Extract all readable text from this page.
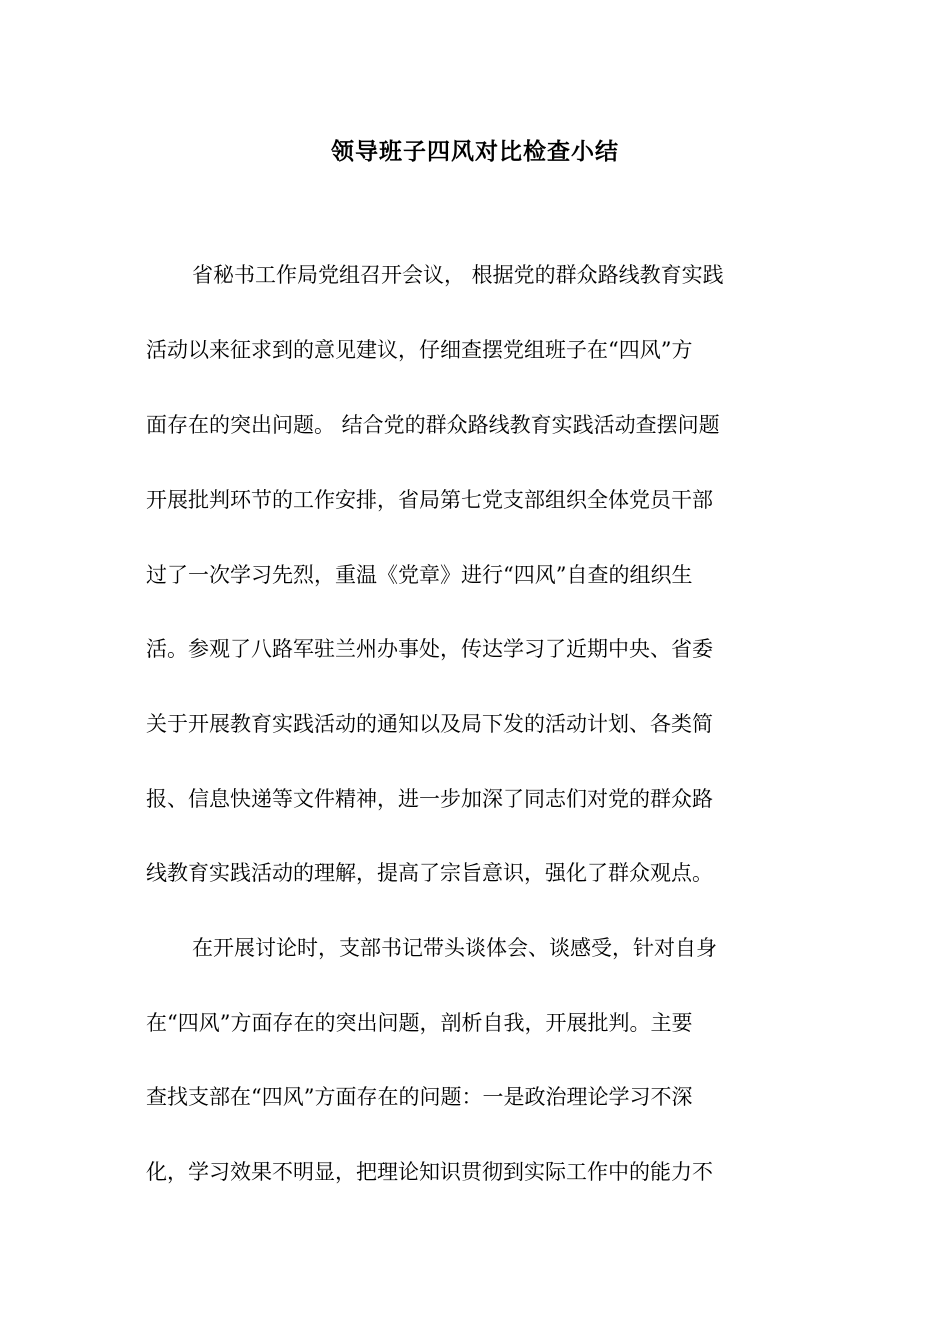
领导班子四风对比检查小结
省秘书工作局党组召开会议， 根据党的群众路线教育实践
活动以来征求到的意见建议，仔细查摆党组班子在“四风”方
面存在的突出问题。 结合党的群众路线教育实践活动查摆问题
开展批判环节的工作安排，省局第七党支部组织全体党员干部
过了一次学习先烈，重温《党章》进行“四风”自查的组织生
活。参观了八路军驻兰州办事处，传达学习了近期中央、省委
关于开展教育实践活动的通知以及局下发的活动计划、各类简
报、信息快递等文件精神，进一步加深了同志们对党的群众路
线教育实践活动的理解，提高了宗旨意识，强化了群众观点。
在开展讨论时，支部书记带头谈体会、谈感受，针对自身
在“四风”方面存在的突出问题，剖析自我，开展批判。主要
查找支部在“四风”方面存在的问题：一是政治理论学习不深
化，学习效果不明显，把理论知识贯彻到实际工作中的能力不
